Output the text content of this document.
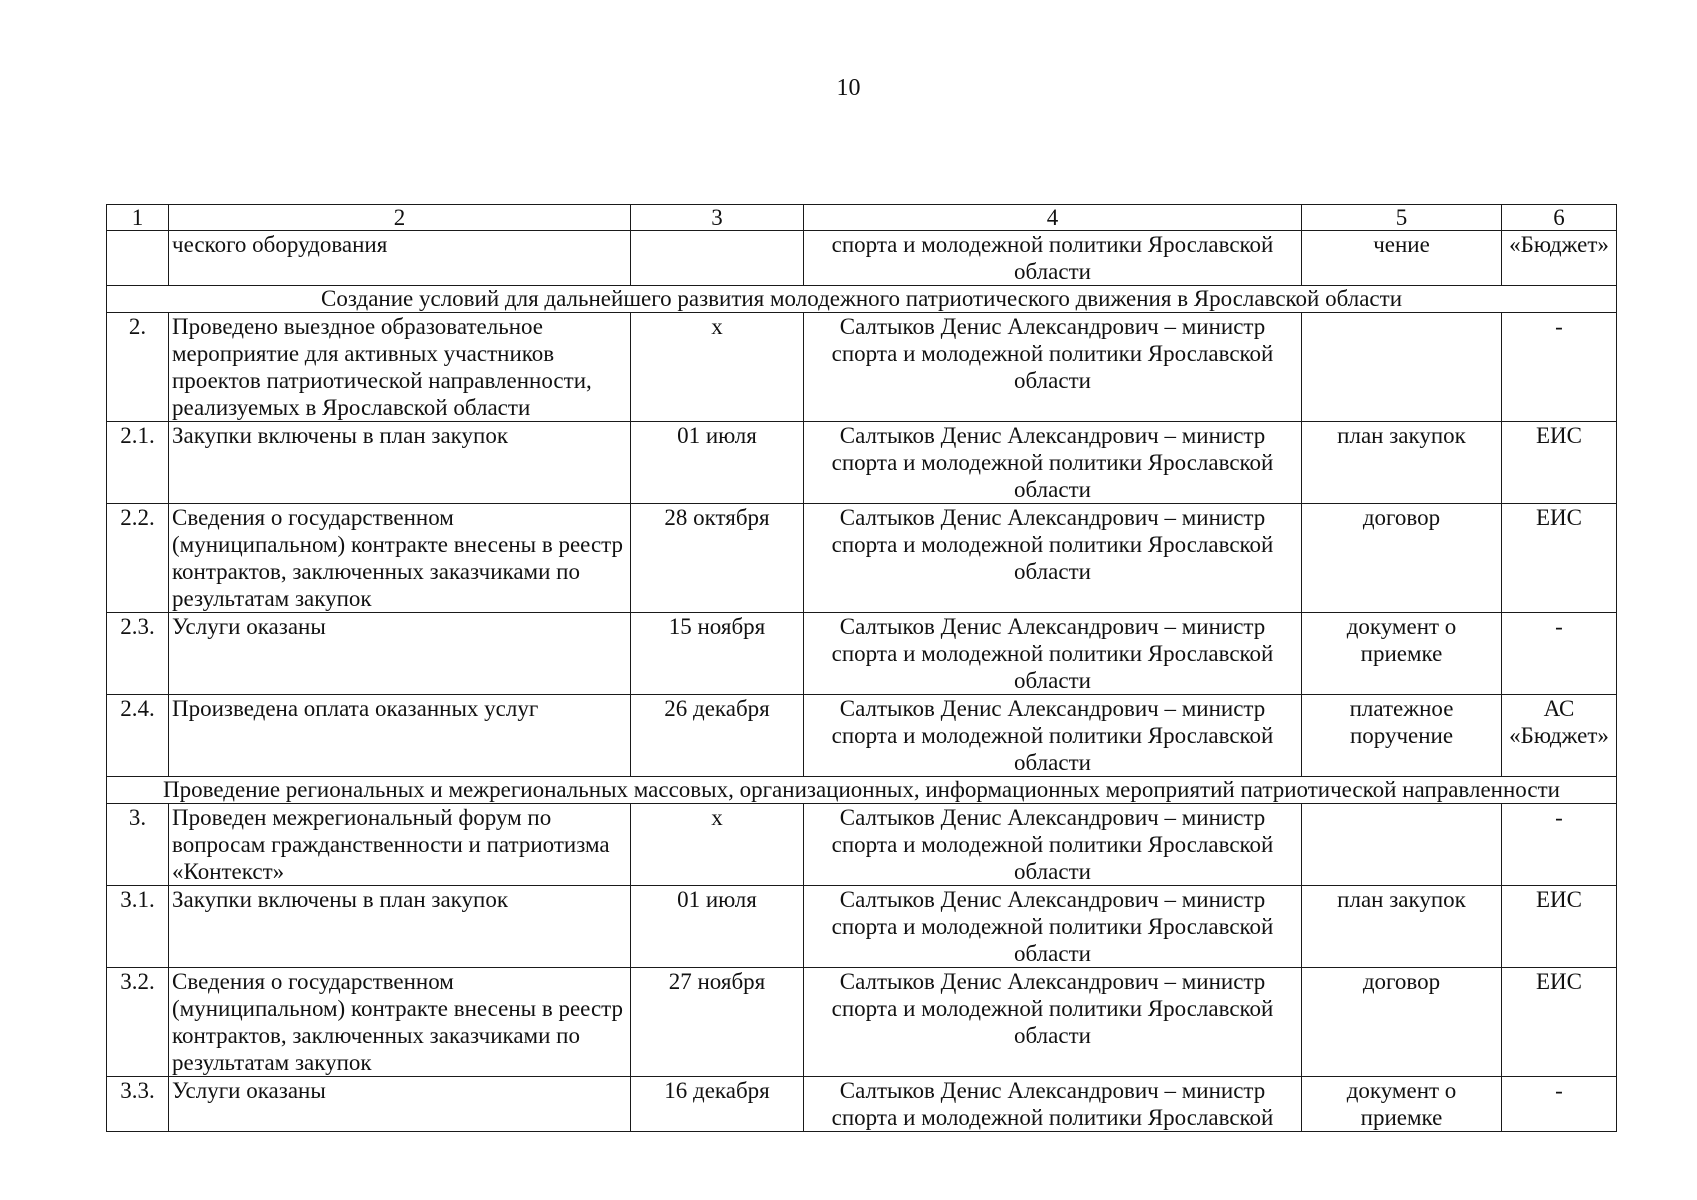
10
1	2	3	4	5	6
	ческого оборудования		спорта и молодежной политики Ярославской области	чение	«Бюджет»
Создание условий для дальнейшего развития молодежного патриотического движения в Ярославской области					
2.	Проведено выездное образовательное мероприятие для активных участников проектов патриотической направленности, реализуемых в Ярославской области	х	Салтыков Денис Александрович – министр спорта и молодежной политики Ярославской области		-
2.1.	Закупки включены в план закупок	01 июля	Салтыков Денис Александрович – министр спорта и молодежной политики Ярославской области	план закупок	ЕИС
2.2.	Сведения о государственном (муниципальном) контракте внесены в реестр контрактов, заключенных заказчиками по результатам закупок	28 октября	Салтыков Денис Александрович – министр спорта и молодежной политики Ярославской области	договор	ЕИС
2.3.	Услуги оказаны	15 ноября	Салтыков Денис Александрович – министр спорта и молодежной политики Ярославской области	документ о приемке	-
2.4.	Произведена оплата оказанных услуг	26 декабря	Салтыков Денис Александрович – министр спорта и молодежной политики Ярославской области	платежное поручение	АС «Бюджет»
Проведение региональных и межрегиональных массовых, организационных, информационных мероприятий патриотической направленности					
3.	Проведен межрегиональный форум по вопросам гражданственности и патриотизма «Контекст»	х	Салтыков Денис Александрович – министр спорта и молодежной политики Ярославской области		-
3.1.	Закупки включены в план закупок	01 июля	Салтыков Денис Александрович – министр спорта и молодежной политики Ярославской области	план закупок	ЕИС
3.2.	Сведения о государственном (муниципальном) контракте внесены в реестр контрактов, заключенных заказчиками по результатам закупок	27 ноября	Салтыков Денис Александрович – министр спорта и молодежной политики Ярославской области	договор	ЕИС
3.3.	Услуги оказаны	16 декабря	Салтыков Денис Александрович – министр спорта и молодежной политики Ярославской	документ о приемке	-
